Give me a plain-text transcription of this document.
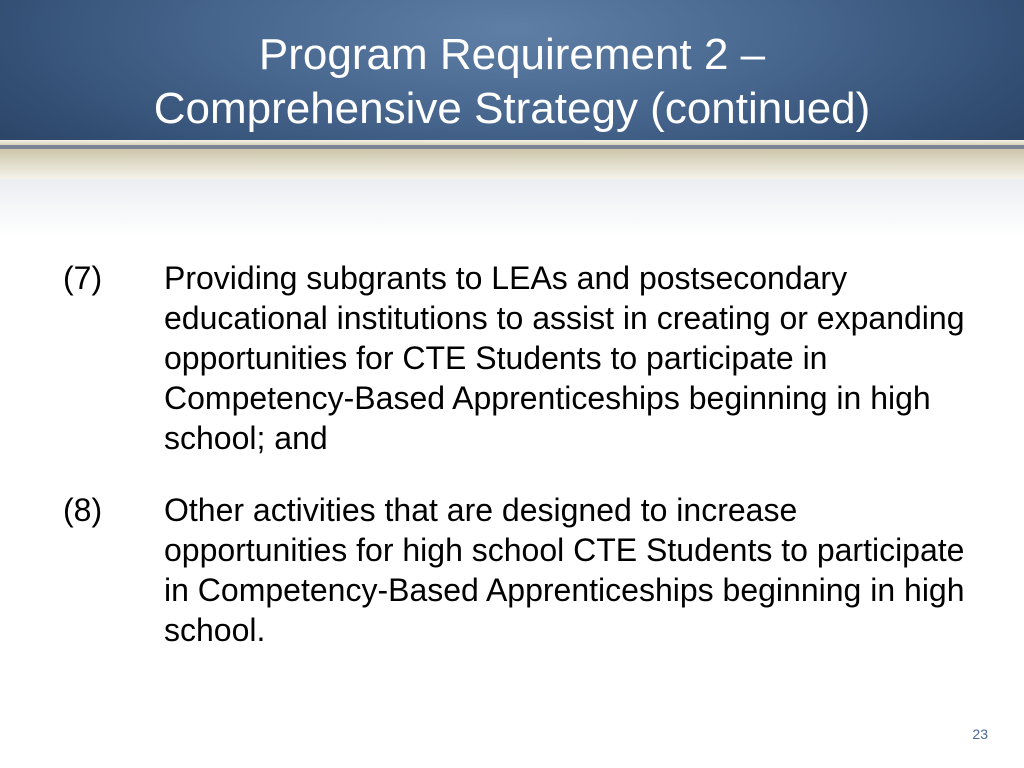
Program Requirement 2 –
Comprehensive Strategy (continued)
(7) Providing subgrants to LEAs and postsecondary educational institutions to assist in creating or expanding opportunities for CTE Students to participate in Competency-Based Apprenticeships beginning in high school; and
(8) Other activities that are designed to increase opportunities for high school CTE Students to participate in Competency-Based Apprenticeships beginning in high school.
23
